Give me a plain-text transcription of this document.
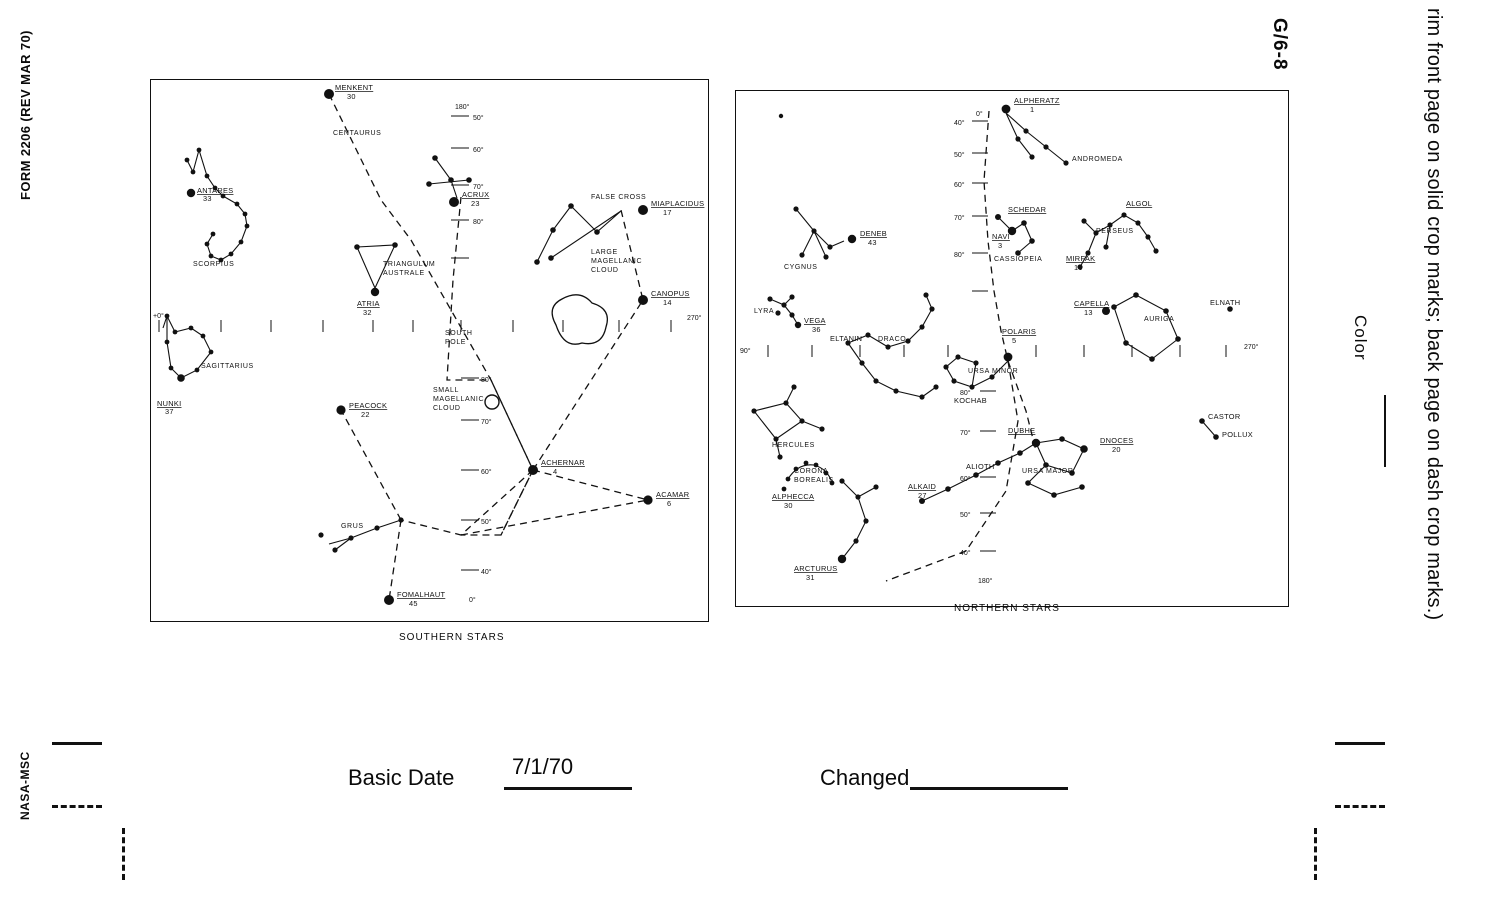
FORM 2206 (REV MAR 70)
NASA-MSC
G/6-8
Color	rim front page on solid crop marks; back page on dash crop marks.)
Basic Date	7/1/70	Changed
ANTARES
33
SCORPIUS
SAGITTARIUS
NUNKI
37
MENKENT
30
CENTAURUS
ACRUX
23
FALSE CROSS
MIAPLACIDUS
17
TRIANGULUM
AUSTRALE
ATRIA
32
CANOPUS
14
ACHERNAR
4
PEACOCK
22
ACAMAR
6
FOMALHAUT
45
GRUS
LARGE
MAGELLANIC
CLOUD
SMALL
MAGELLANIC
CLOUD
SOUTH
POLE
+0°	270°
180°
50°
60°
70°
80°
80°
70°
60°
50°
40°
0°
SOUTHERN STARS
ALPHERATZ
1
ANDROMEDA
SCHEDAR
NAVI
3
CASSIOPEIA
ALGOL
PERSEUS
MIRFAK
10
CAPELLA
13
AURIGA
ELNATH
DENEB
43
CYGNUS
LYRA
VEGA
36
ELTANIN DRACO
POLARIS
5
URSA MINOR
KOCHAB
HERCULES
CORONA
BOREALIS
ALPHECCA
30
ARCTURUS
31
DUBHE
DNOCES
20
ALIOTH
ALKAID
27
URSA MAJOR
CASTOR
POLLUX
90°
270°
0°
40°
50°
60°
70°
80°
80°
70°
60°
50°
40°
180°
NORTHERN STARS
